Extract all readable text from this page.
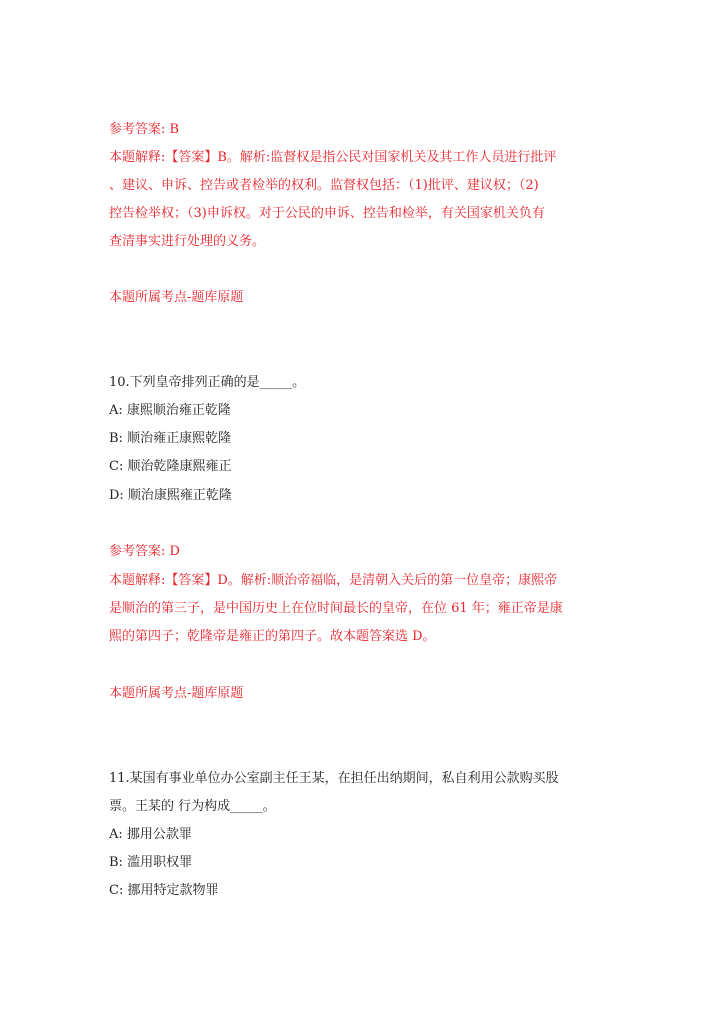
参考答案: B
本题解释:【答案】B。解析:监督权是指公民对国家机关及其工作人员进行批评
、建议、申诉、控告或者检举的权利。监督权包括：（1)批评、建议权；（2)
控告检举权；（3)申诉权。对于公民的申诉、控告和检举，有关国家机关负有
查清事实进行处理的义务。
本题所属考点-题库原题
10.下列皇帝排列正确的是_____。
A: 康熙顺治雍正乾隆
B: 顺治雍正康熙乾隆
C: 顺治乾隆康熙雍正
D: 顺治康熙雍正乾隆
参考答案: D
本题解释:【答案】D。解析:顺治帝福临，是清朝入关后的第一位皇帝；康熙帝
是顺治的第三子，是中国历史上在位时间最长的皇帝，在位 61 年；雍正帝是康
熙的第四子；乾隆帝是雍正的第四子。故本题答案选 D。
本题所属考点-题库原题
11.某国有事业单位办公室副主任王某，在担任出纳期间，私自利用公款购买股
票。王某的 行为构成_____。
A: 挪用公款罪
B: 滥用职权罪
C: 挪用特定款物罪
